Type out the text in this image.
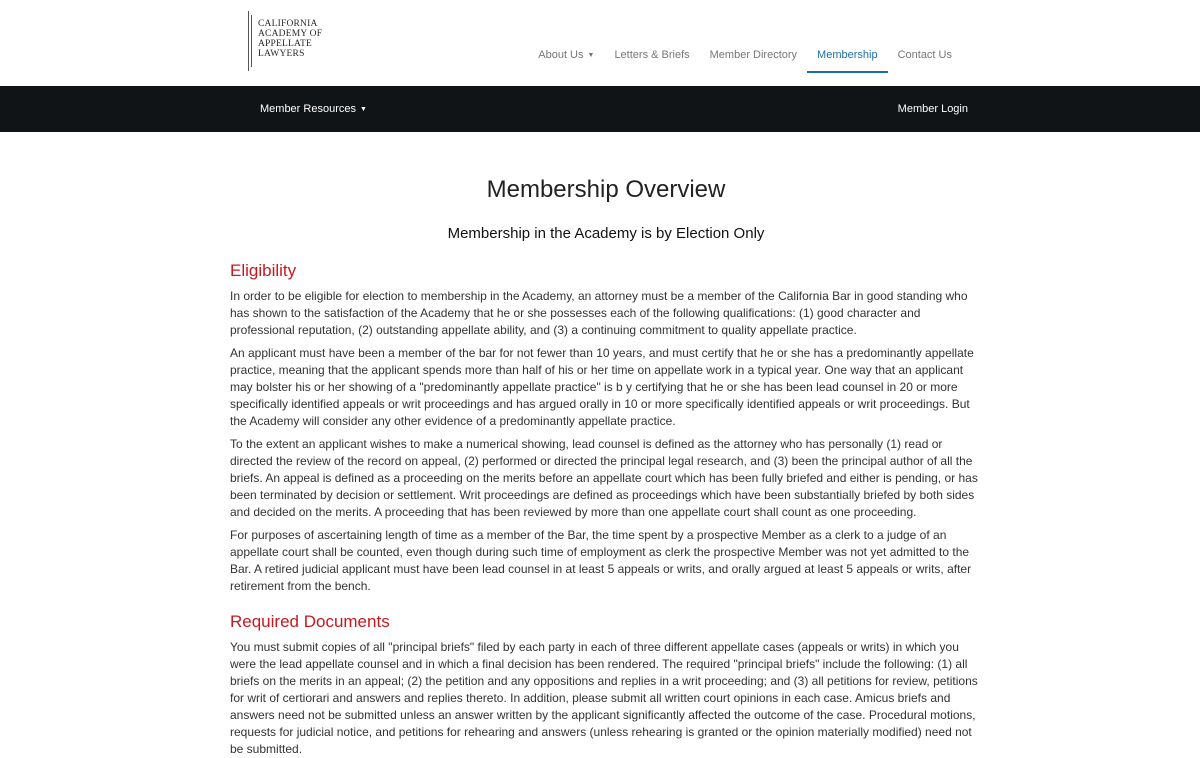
CALIFORNIA
ACADEMY OF
APPELLATE
LAWYERS	About Us ▼	Letters & Briefs	Member Directory	Membership	Contact Us
Member Resources ▼	Member Login
Membership Overview
Membership in the Academy is by Election Only
Eligibility

In order to be eligible for election to membership in the Academy, an attorney must be a member of the California Bar in good standing who has shown to the satisfaction of the Academy that he or she possesses each of the following qualifications: (1) good character and professional reputation, (2) outstanding appellate ability, and (3) a continuing commitment to quality appellate practice.

An applicant must have been a member of the bar for not fewer than 10 years, and must certify that he or she has a predominantly appellate practice, meaning that the applicant spends more than half of his or her time on appellate work in a typical year. One way that an applicant may bolster his or her showing of a "predominantly appellate practice" is b y certifying that he or she has been lead counsel in 20 or more specifically identified appeals or writ proceedings and has argued orally in 10 or more specifically identified appeals or writ proceedings. But the Academy will consider any other evidence of a predominantly appellate practice.

To the extent an applicant wishes to make a numerical showing, lead counsel is defined as the attorney who has personally (1) read or directed the review of the record on appeal, (2) performed or directed the principal legal research, and (3) been the principal author of all the briefs. An appeal is defined as a proceeding on the merits before an appellate court which has been fully briefed and either is pending, or has been terminated by decision or settlement. Writ proceedings are defined as proceedings which have been substantially briefed by both sides and decided on the merits. A proceeding that has been reviewed by more than one appellate court shall count as one proceeding.

For purposes of ascertaining length of time as a member of the Bar, the time spent by a prospective Member as a clerk to a judge of an appellate court shall be counted, even though during such time of employment as clerk the prospective Member was not yet admitted to the Bar. A retired judicial applicant must have been lead counsel in at least 5 appeals or writs, and orally argued at least 5 appeals or writs, after retirement from the bench.

Required Documents

You must submit copies of all "principal briefs" filed by each party in each of three different appellate cases (appeals or writs) in which you were the lead appellate counsel and in which a final decision has been rendered. The required "principal briefs" include the following: (1) all briefs on the merits in an appeal; (2) the petition and any oppositions and replies in a writ proceeding; and (3) all petitions for review, petitions for writ of certiorari and answers and replies thereto. In addition, please submit all written court opinions in each case. Amicus briefs and answers need not be submitted unless an answer written by the applicant significantly affected the outcome of the case. Procedural motions, requests for judicial notice, and petitions for rehearing and answers (unless rehearing is granted or the opinion materially modified) need not be submitted.
